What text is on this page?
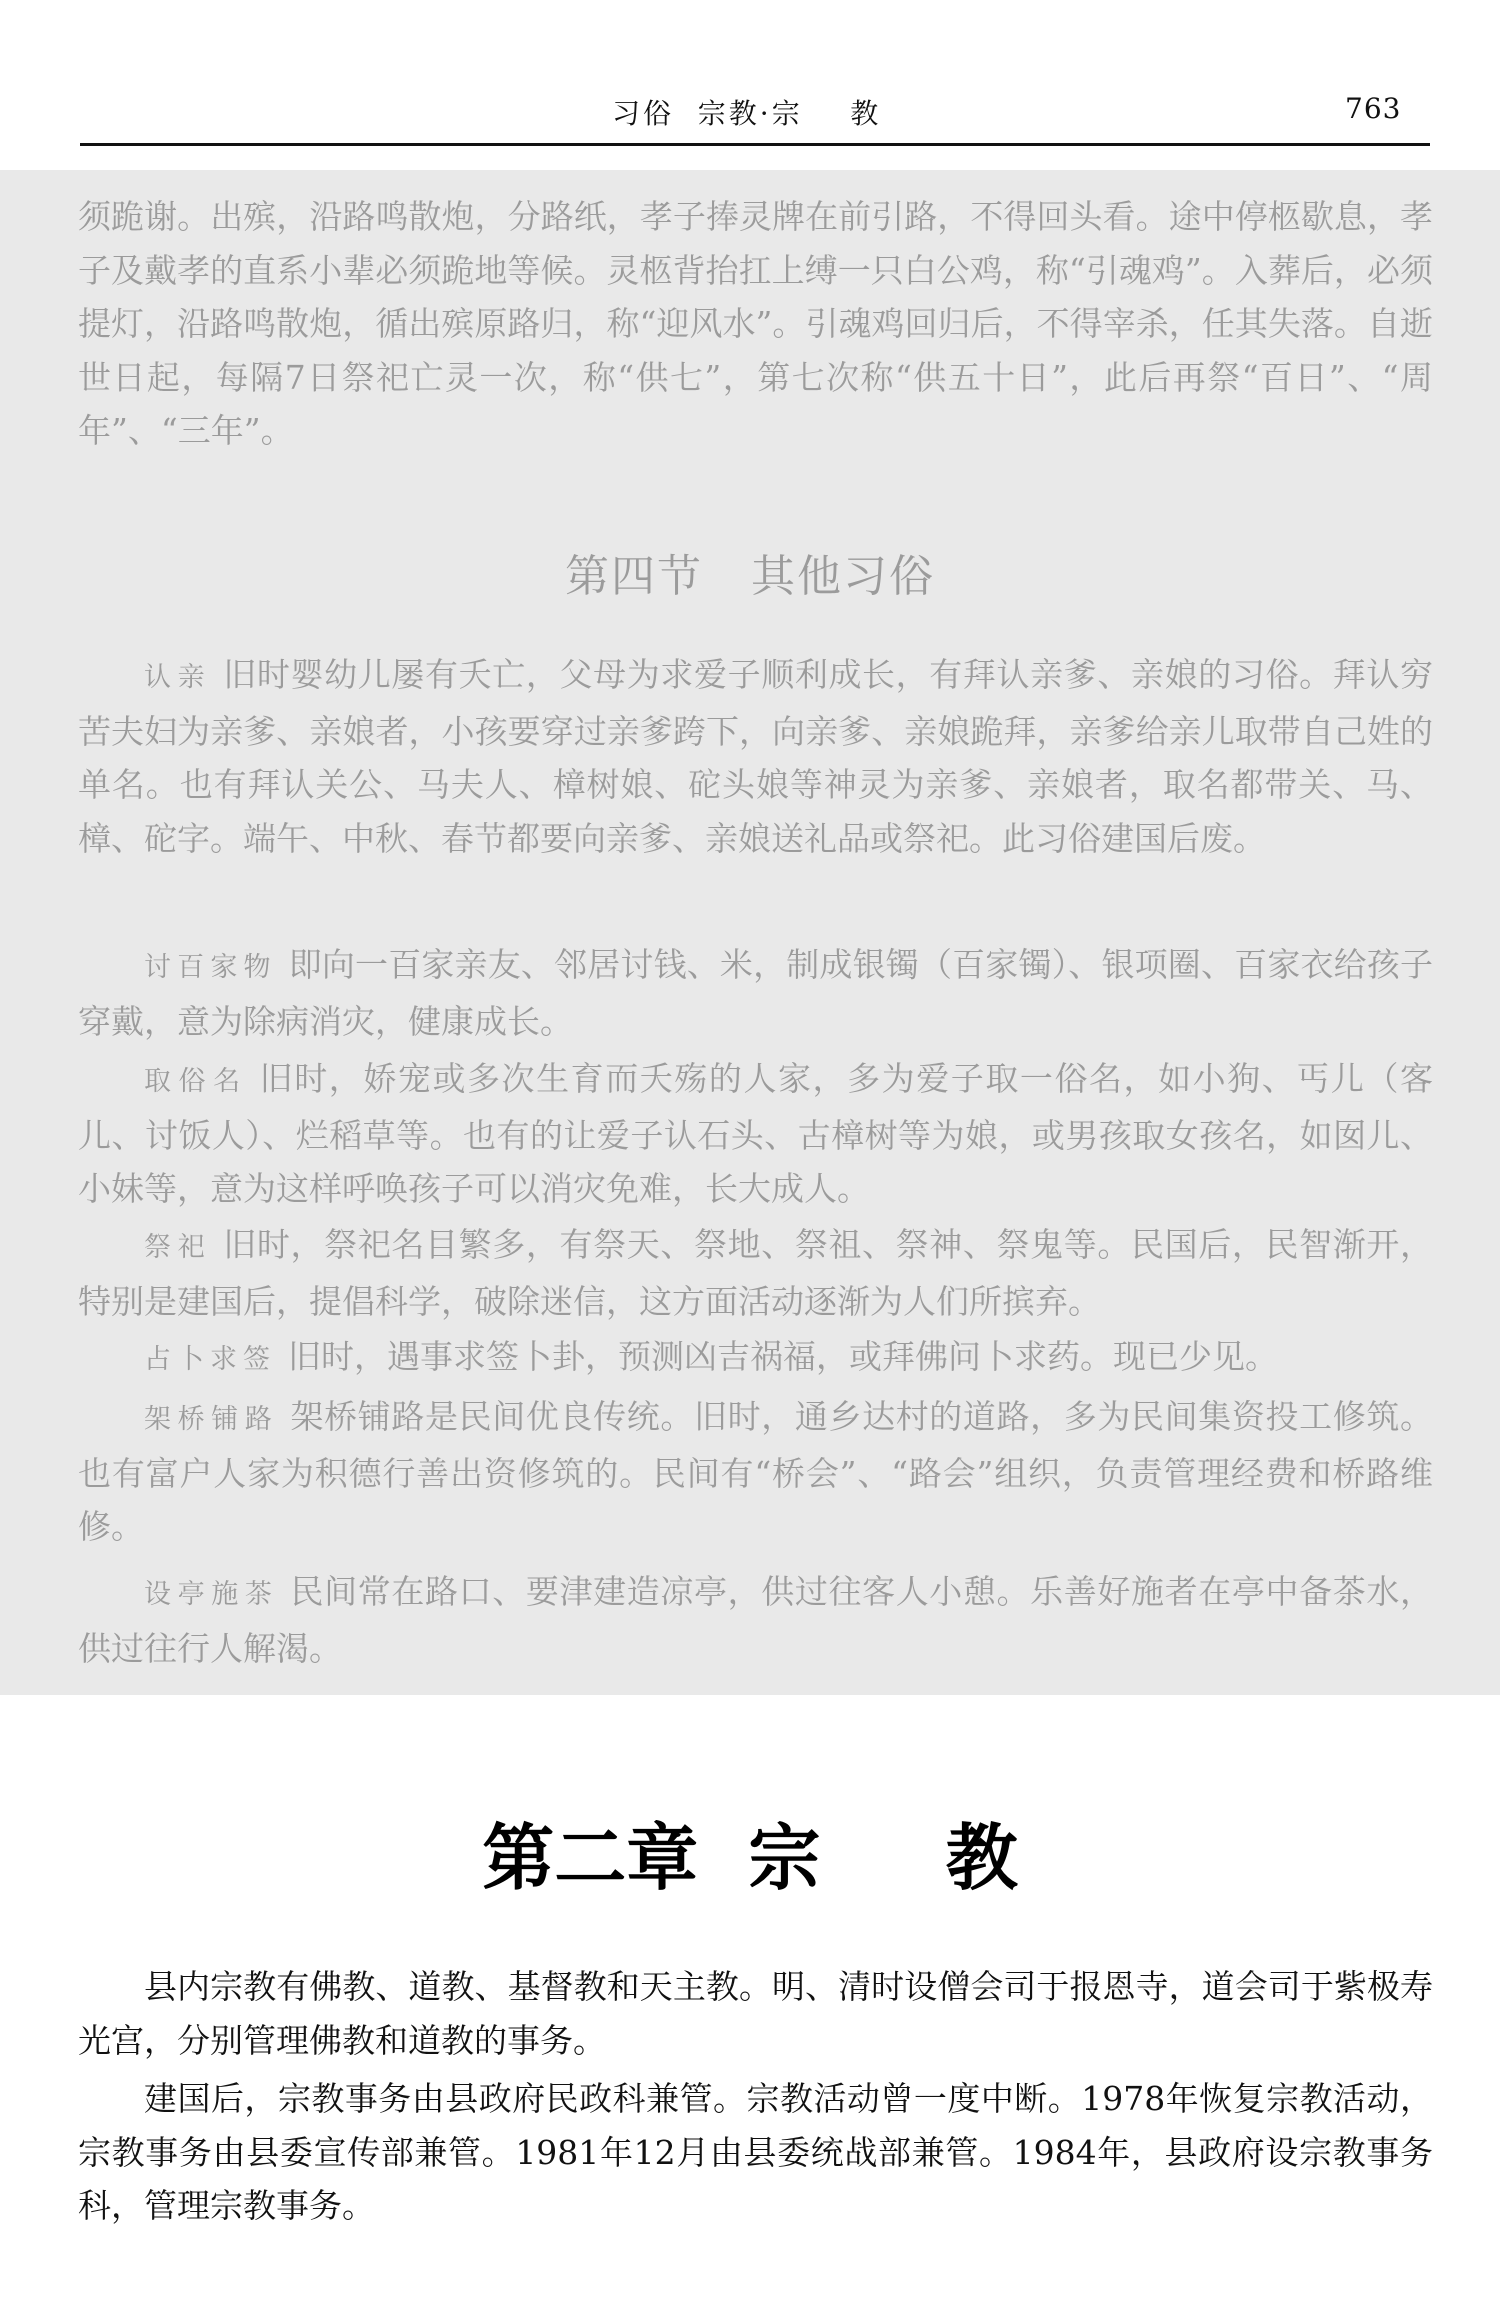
习俗  宗教·宗    教	763

须跪谢。出殡，沿路鸣散炮，分路纸，孝子捧灵牌在前引路，不得回头看。途中停柩歇息，孝子及戴孝的直系小辈必须跪地等候。灵柩背抬扛上缚一只白公鸡，称“引魂鸡”。入葬后，必须提灯，沿路鸣散炮，循出殡原路归，称“迎风水”。引魂鸡回归后，不得宰杀，任其失落。自逝世日起，每隔7日祭祀亡灵一次，称“供七”，第七次称“供五十日”，此后再祭“百日”、“周年”、“三年”。

第四节   其他习俗

认亲 旧时婴幼儿屡有夭亡，父母为求爱子顺利成长，有拜认亲爹、亲娘的习俗。拜认穷苦夫妇为亲爹、亲娘者，小孩要穿过亲爹跨下，向亲爹、亲娘跪拜，亲爹给亲儿取带自己姓的单名。也有拜认关公、马夫人、樟树娘、砣头娘等神灵为亲爹、亲娘者，取名都带关、马、樟、砣字。端午、中秋、春节都要向亲爹、亲娘送礼品或祭祀。此习俗建国后废。

讨百家物 即向一百家亲友、邻居讨钱、米，制成银镯（百家镯）、银项圈、百家衣给孩子穿戴，意为除病消灾，健康成长。

取俗名 旧时，娇宠或多次生育而夭殇的人家，多为爱子取一俗名，如小狗、丐儿（客儿、讨饭人）、烂稻草等。也有的让爱子认石头、古樟树等为娘，或男孩取女孩名，如囡儿、小妹等，意为这样呼唤孩子可以消灾免难，长大成人。

祭祀 旧时，祭祀名目繁多，有祭天、祭地、祭祖、祭神、祭鬼等。民国后，民智渐开，特别是建国后，提倡科学，破除迷信，这方面活动逐渐为人们所摈弃。

占卜求签 旧时，遇事求签卜卦，预测凶吉祸福，或拜佛问卜求药。现已少见。

架桥铺路 架桥铺路是民间优良传统。旧时，通乡达村的道路，多为民间集资投工修筑。也有富户人家为积德行善出资修筑的。民间有“桥会”、“路会”组织，负责管理经费和桥路维修。

设亭施茶 民间常在路口、要津建造凉亭，供过往客人小憩。乐善好施者在亭中备茶水，供过往行人解渴。

第二章  宗     教

县内宗教有佛教、道教、基督教和天主教。明、清时设僧会司于报恩寺，道会司于紫极寿光宫，分别管理佛教和道教的事务。

建国后，宗教事务由县政府民政科兼管。宗教活动曾一度中断。1978年恢复宗教活动，宗教事务由县委宣传部兼管。1981年12月由县委统战部兼管。1984年，县政府设宗教事务科，管理宗教事务。
